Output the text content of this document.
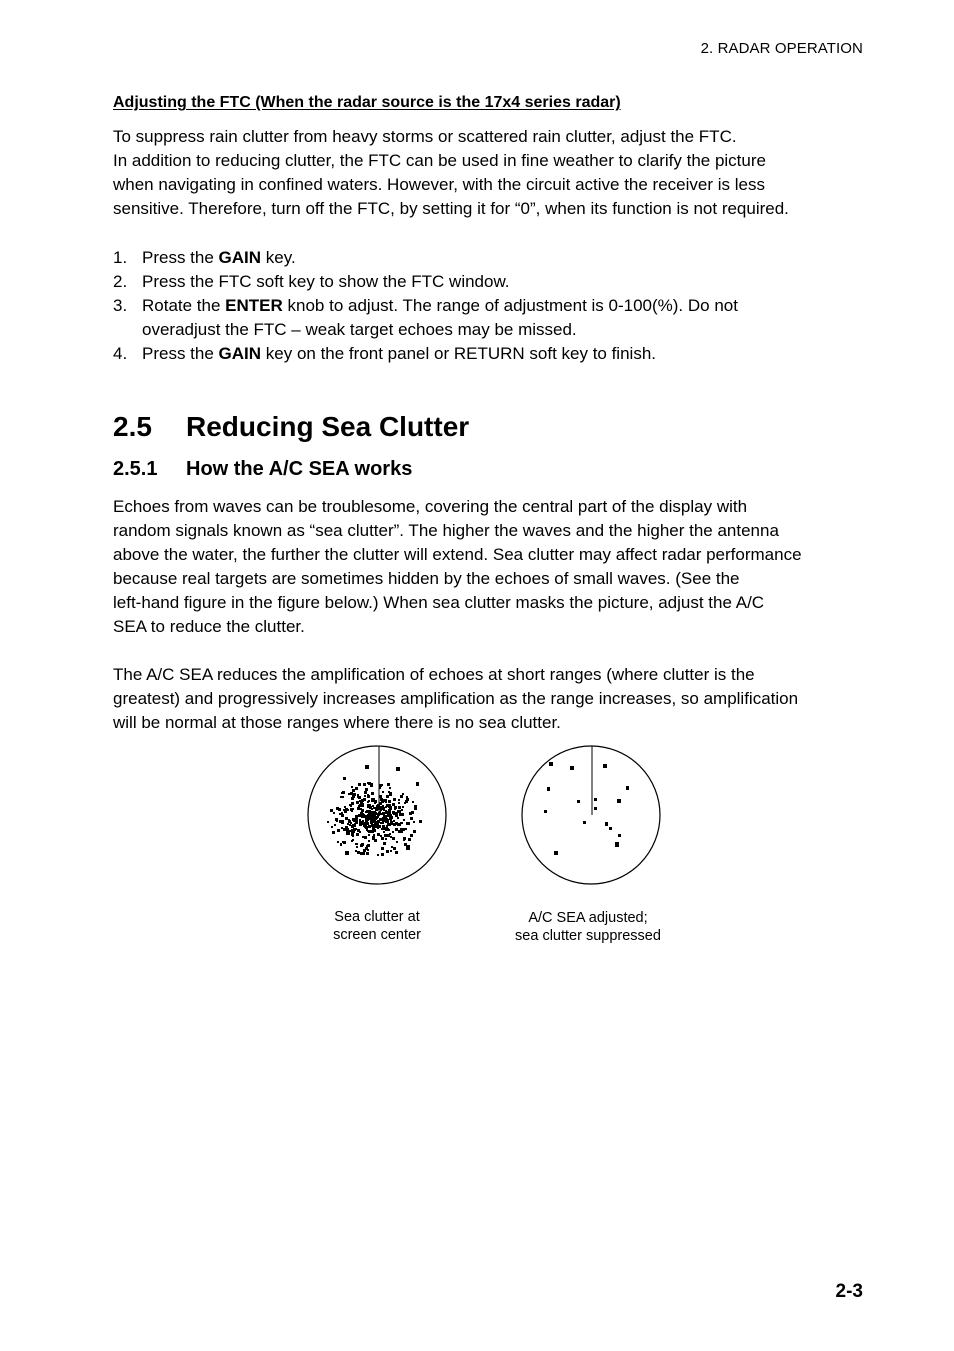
2. RADAR OPERATION
Adjusting the FTC (When the radar source is the 17x4 series radar)

To suppress rain clutter from heavy storms or scattered rain clutter, adjust the FTC.
In addition to reducing clutter, the FTC can be used in fine weather to clarify the picture
when navigating in confined waters. However, with the circuit active the receiver is less
sensitive. Therefore, turn off the FTC, by setting it for “0”, when its function is not required.

1. Press the GAIN key.
2. Press the FTC soft key to show the FTC window.
3. Rotate the ENTER knob to adjust. The range of adjustment is 0-100(%). Do not
overadjust the FTC – weak target echoes may be missed.
4. Press the GAIN key on the front panel or RETURN soft key to finish.
2.5	Reducing Sea Clutter
2.5.1	How the A/C SEA works

Echoes from waves can be troublesome, covering the central part of the display with
random signals known as “sea clutter”. The higher the waves and the higher the antenna
above the water, the further the clutter will extend. Sea clutter may affect radar performance
because real targets are sometimes hidden by the echoes of small waves. (See the
left-hand figure in the figure below.) When sea clutter masks the picture, adjust the A/C
SEA to reduce the clutter.

The A/C SEA reduces the amplification of echoes at short ranges (where clutter is the
greatest) and progressively increases amplification as the range increases, so amplification
will be normal at those ranges where there is no sea clutter.

Sea clutter at
screen center
A/C SEA adjusted;
sea clutter suppressed
2-3
